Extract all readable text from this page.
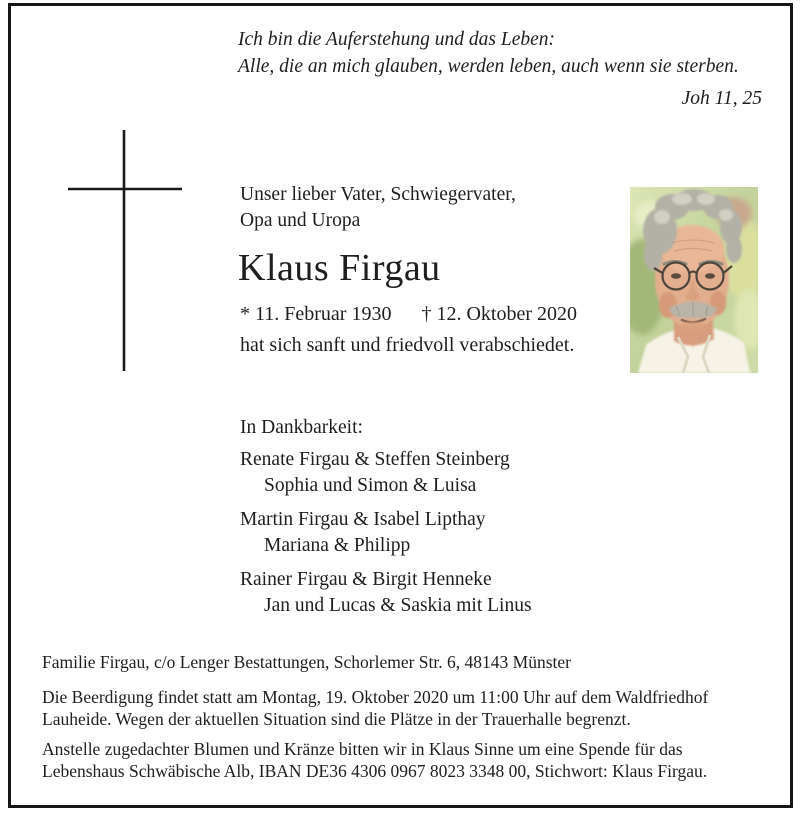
Ich bin die Auferstehung und das Leben:
Alle, die an mich glauben, werden leben, auch wenn sie sterben.
Joh 11, 25
Unser lieber Vater, Schwiegervater,
Opa und Uropa
Klaus Firgau
* 11. Februar 1930 † 12. Oktober 2020
hat sich sanft und friedvoll verabschiedet.
In Dankbarkeit:
Renate Firgau & Steffen Steinberg
Sophia und Simon & Luisa
Martin Firgau & Isabel Lipthay
Mariana & Philipp
Rainer Firgau & Birgit Henneke
Jan und Lucas & Saskia mit Linus
Familie Firgau, c/o Lenger Bestattungen, Schorlemer Str. 6, 48143 Münster
Die Beerdigung findet statt am Montag, 19. Oktober 2020 um 11:00 Uhr auf dem Waldfriedhof
Lauheide. Wegen der aktuellen Situation sind die Plätze in der Trauerhalle begrenzt.
Anstelle zugedachter Blumen und Kränze bitten wir in Klaus Sinne um eine Spende für das
Lebenshaus Schwäbische Alb, IBAN DE36 4306 0967 8023 3348 00, Stichwort: Klaus Firgau.
